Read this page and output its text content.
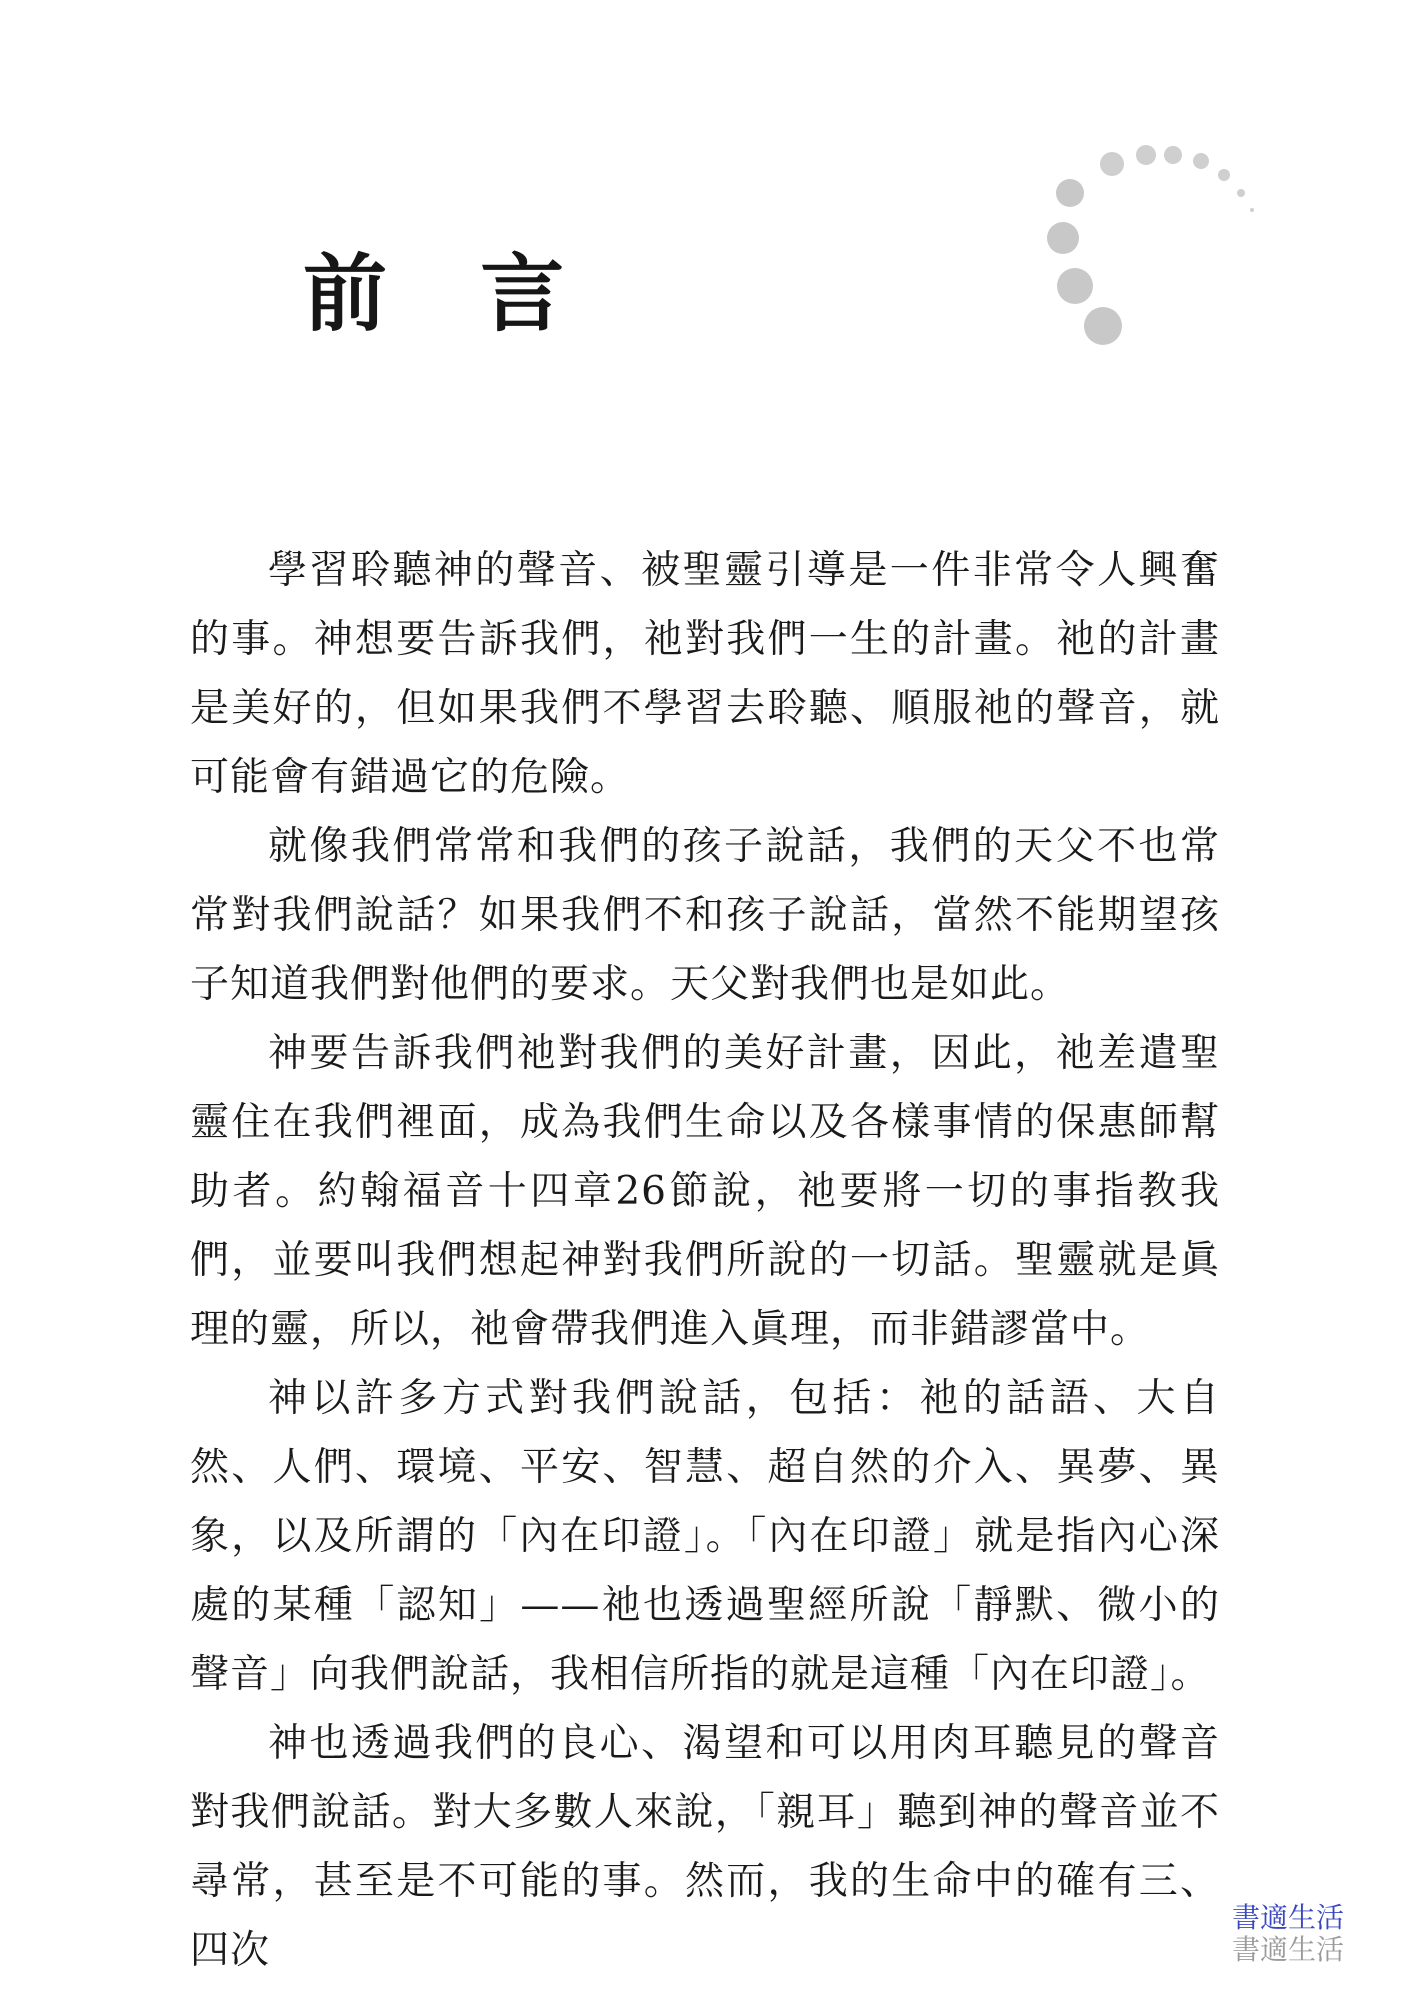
前 言

學習聆聽神的聲音、被聖靈引導是一件非常令人興奮的事。神想要告訴我們，祂對我們一生的計畫。祂的計畫是美好的，但如果我們不學習去聆聽、順服祂的聲音，就可能會有錯過它的危險。

就像我們常常和我們的孩子說話，我們的天父不也常常對我們說話？如果我們不和孩子說話，當然不能期望孩子知道我們對他們的要求。天父對我們也是如此。

神要告訴我們祂對我們的美好計畫，因此，祂差遣聖靈住在我們裡面，成為我們生命以及各樣事情的保惠師幫助者。約翰福音十四章26節說，祂要將一切的事指教我們，並要叫我們想起神對我們所說的一切話。聖靈就是眞理的靈，所以，祂會帶我們進入眞理，而非錯謬當中。

神以許多方式對我們說話，包括：祂的話語、大自然、人們、環境、平安、智慧、超自然的介入、異夢、異象，以及所謂的「內在印證」。「內在印證」就是指內心深處的某種「認知」——祂也透過聖經所說「靜默、微小的聲音」向我們說話，我相信所指的就是這種「內在印證」。

神也透過我們的良心、渴望和可以用肉耳聽見的聲音對我們說話。對大多數人來說，「親耳」聽到神的聲音並不尋常，甚至是不可能的事。然而，我的生命中的確有三、四次

書適生活
書適生活
